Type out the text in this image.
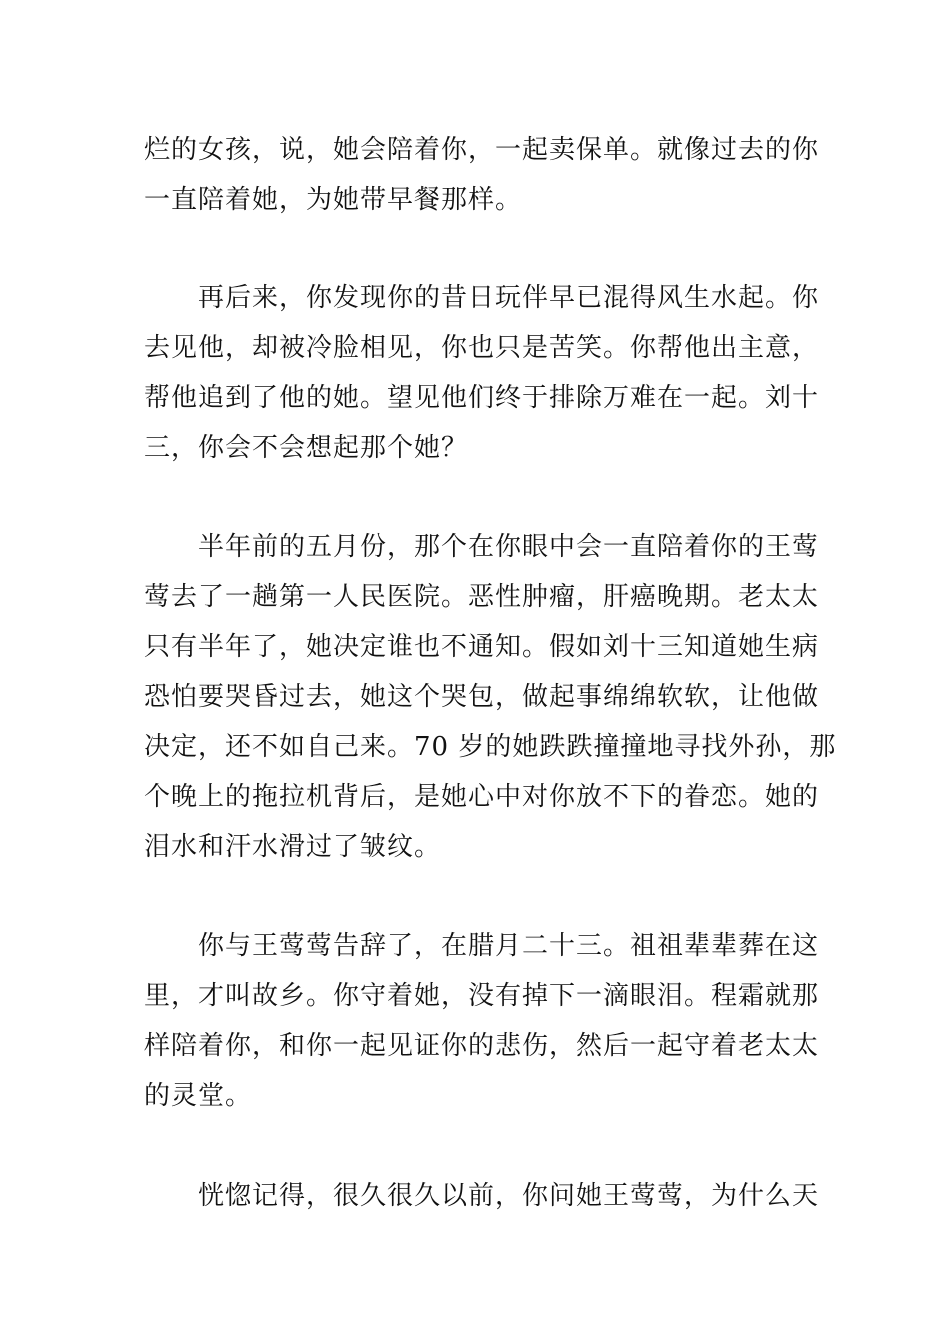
烂的女孩，说，她会陪着你，一起卖保单。就像过去的你
一直陪着她，为她带早餐那样。
再后来，你发现你的昔日玩伴早已混得风生水起。你
去见他，却被冷脸相见，你也只是苦笑。你帮他出主意，
帮他追到了他的她。望见他们终于排除万难在一起。刘十
三，你会不会想起那个她？
半年前的五月份，那个在你眼中会一直陪着你的王莺
莺去了一趟第一人民医院。恶性肿瘤，肝癌晚期。老太太
只有半年了，她决定谁也不通知。假如刘十三知道她生病
恐怕要哭昏过去，她这个哭包，做起事绵绵软软，让他做
决定，还不如自己来。70 岁的她跌跌撞撞地寻找外孙，那
个晚上的拖拉机背后，是她心中对你放不下的眷恋。她的
泪水和汗水滑过了皱纹。
你与王莺莺告辞了，在腊月二十三。祖祖辈辈葬在这
里，才叫故乡。你守着她，没有掉下一滴眼泪。程霜就那
样陪着你，和你一起见证你的悲伤，然后一起守着老太太
的灵堂。
恍惚记得，很久很久以前，你问她王莺莺，为什么天
